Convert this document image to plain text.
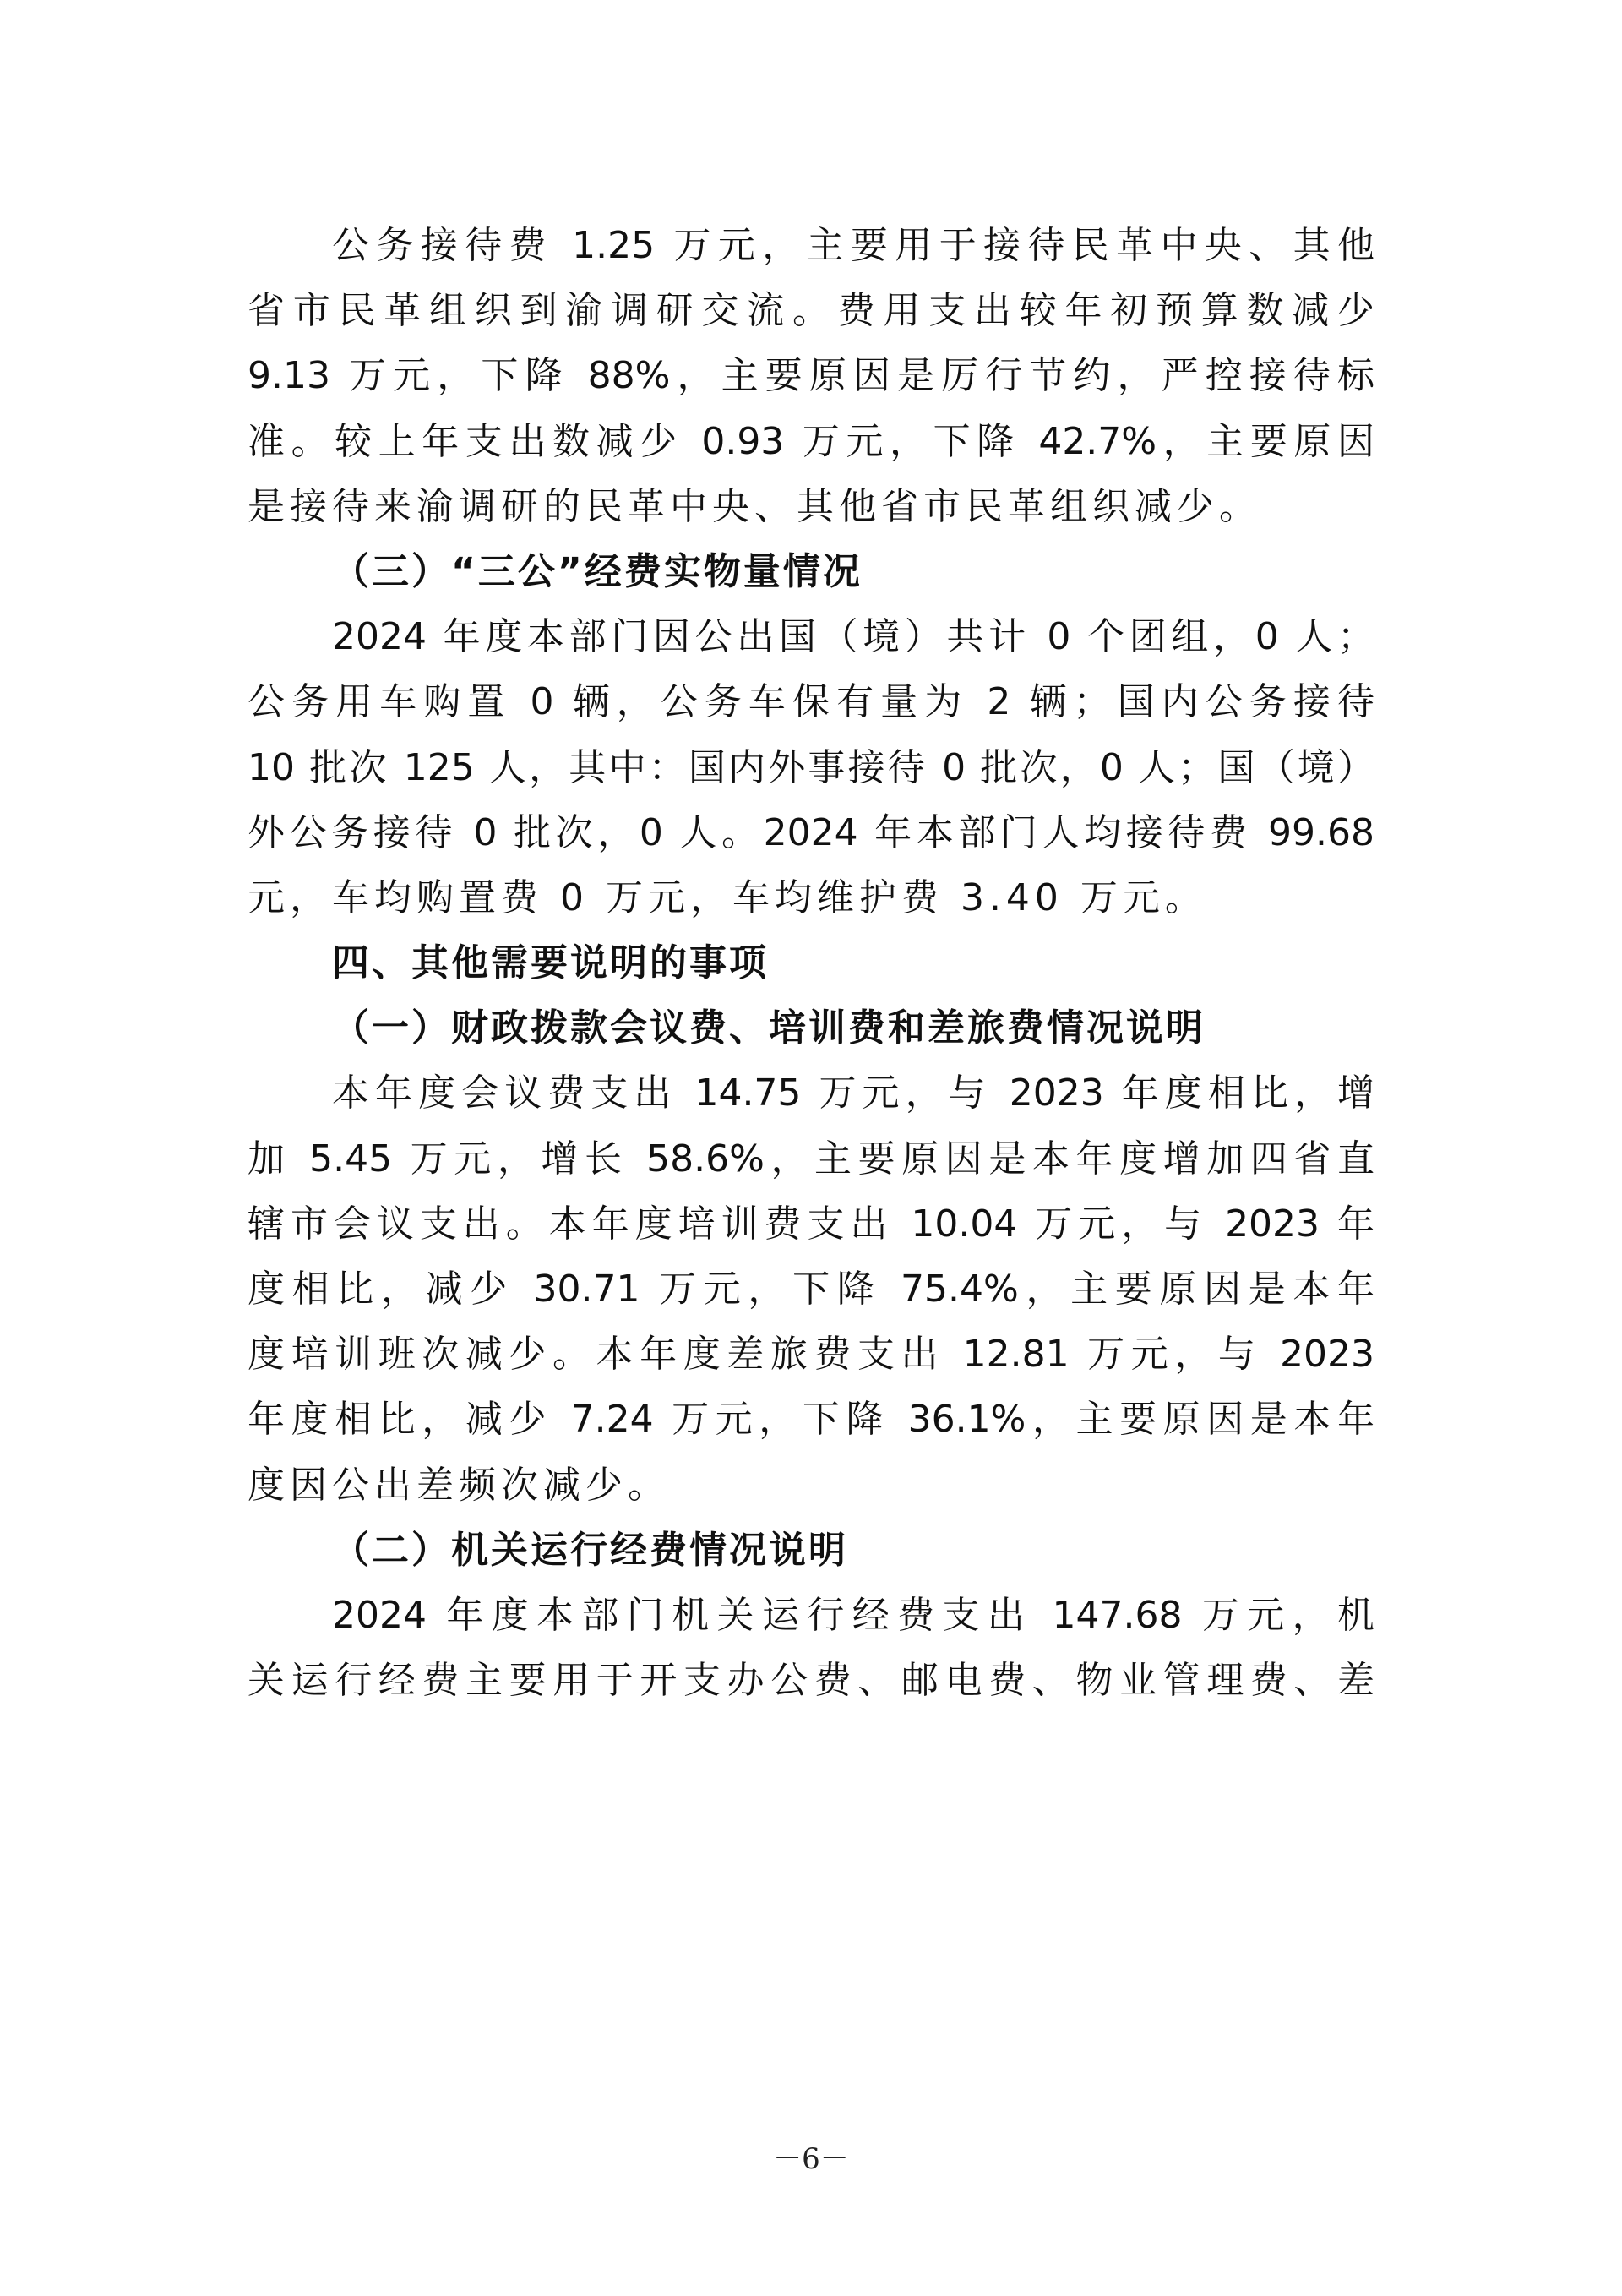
公务接待费 1.25 万元，主要用于接待民革中央、其他
省市民革组织到渝调研交流。费用支出较年初预算数减少
9.13 万元，下降 88%，主要原因是厉行节约，严控接待标
准。较上年支出数减少 0.93 万元，下降 42.7%，主要原因
是接待来渝调研的民革中央、其他省市民革组织减少。
（三）“三公”经费实物量情况
2024 年度本部门因公出国（境）共计 0 个团组，0 人；
公务用车购置 0 辆，公务车保有量为 2 辆；国内公务接待
10 批次 125 人，其中：国内外事接待 0 批次，0 人；国（境）
外公务接待 0 批次，0 人。2024 年本部门人均接待费 99.68
元，车均购置费 0 万元，车均维护费 3.40 万元。
四、其他需要说明的事项
（一）财政拨款会议费、培训费和差旅费情况说明
本年度会议费支出 14.75 万元，与 2023 年度相比，增
加 5.45 万元，增长 58.6%，主要原因是本年度增加四省直
辖市会议支出。本年度培训费支出 10.04 万元，与 2023 年
度相比，减少 30.71 万元，下降 75.4%，主要原因是本年
度培训班次减少。本年度差旅费支出 12.81 万元，与 2023
年度相比，减少 7.24 万元，下降 36.1%，主要原因是本年
度因公出差频次减少。
（二）机关运行经费情况说明
2024 年度本部门机关运行经费支出 147.68 万元，机
关运行经费主要用于开支办公费、邮电费、物业管理费、差
－6－
